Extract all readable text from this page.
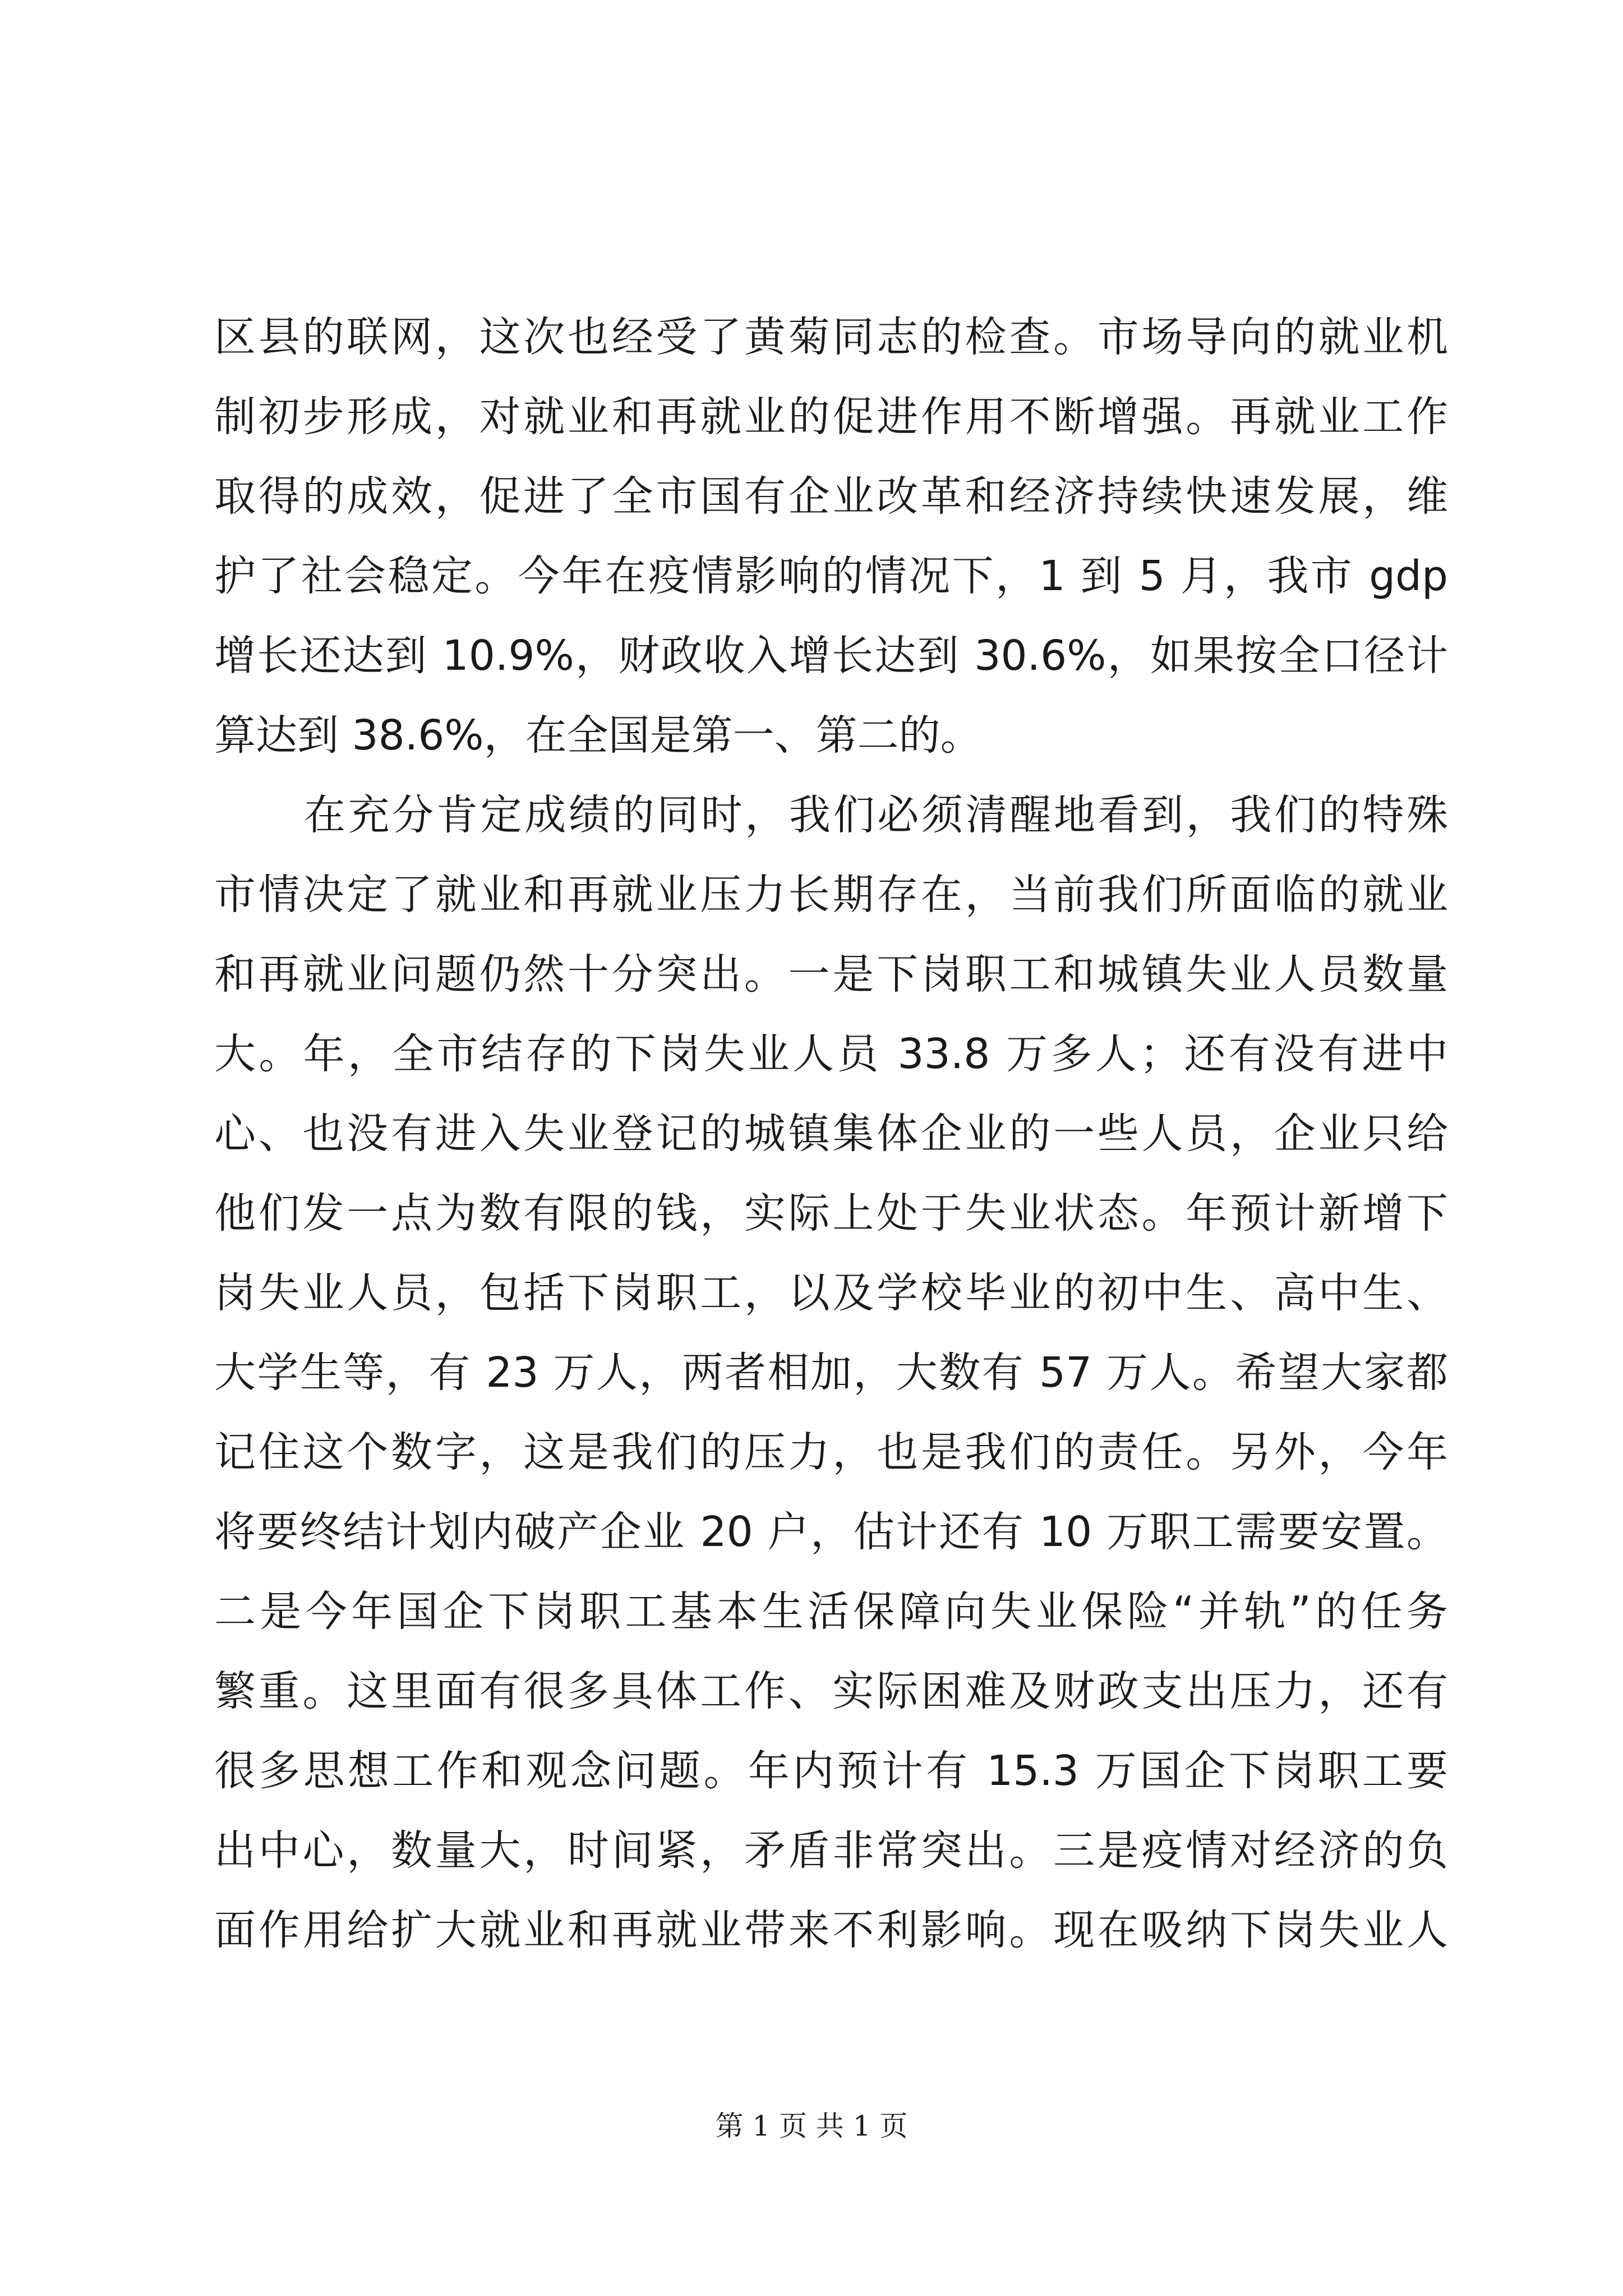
区县的联网，这次也经受了黄菊同志的检查。市场导向的就业机
制初步形成，对就业和再就业的促进作用不断增强。再就业工作
取得的成效，促进了全市国有企业改革和经济持续快速发展，维
护了社会稳定。今年在疫情影响的情况下，1 到 5 月，我市 gdp
增长还达到 10.9%，财政收入增长达到 30.6%，如果按全口径计
算达到 38.6%，在全国是第一、第二的。
在充分肯定成绩的同时，我们必须清醒地看到，我们的特殊
市情决定了就业和再就业压力长期存在，当前我们所面临的就业
和再就业问题仍然十分突出。一是下岗职工和城镇失业人员数量
大。年，全市结存的下岗失业人员 33.8 万多人；还有没有进中
心、也没有进入失业登记的城镇集体企业的一些人员，企业只给
他们发一点为数有限的钱，实际上处于失业状态。年预计新增下
岗失业人员，包括下岗职工，以及学校毕业的初中生、高中生、
大学生等，有 23 万人，两者相加，大数有 57 万人。希望大家都
记住这个数字，这是我们的压力，也是我们的责任。另外，今年
将要终结计划内破产企业 20 户，估计还有 10 万职工需要安置。
二是今年国企下岗职工基本生活保障向失业保险“并轨”的任务
繁重。这里面有很多具体工作、实际困难及财政支出压力，还有
很多思想工作和观念问题。年内预计有 15.3 万国企下岗职工要
出中心，数量大，时间紧，矛盾非常突出。三是疫情对经济的负
面作用给扩大就业和再就业带来不利影响。现在吸纳下岗失业人
第 1 页 共 1 页
